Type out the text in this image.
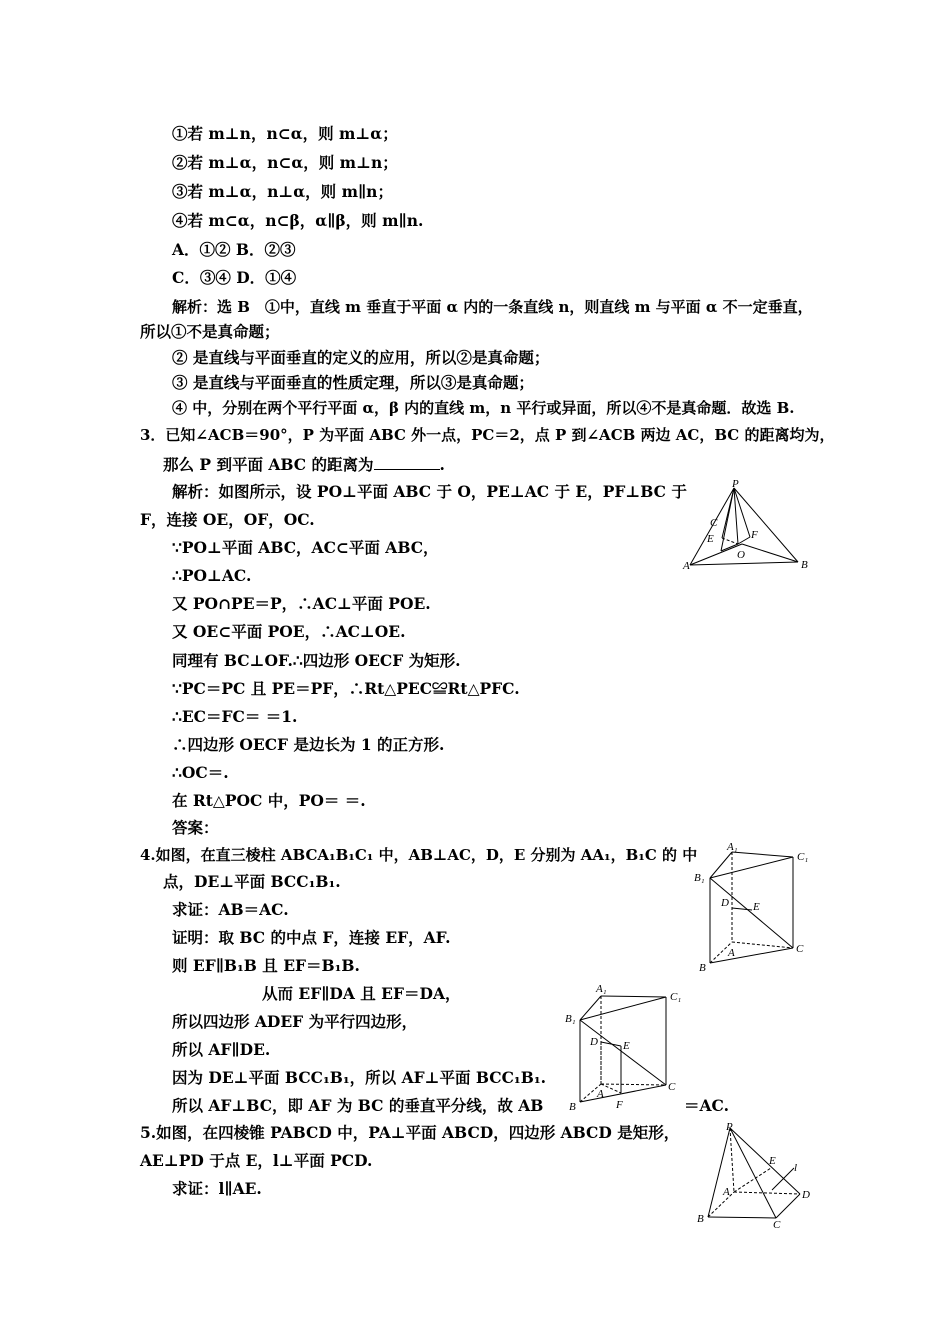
①若 m⊥n，n⊂α，则 m⊥α；
②若 m⊥α，n⊂α，则 m⊥n；
③若 m⊥α，n⊥α，则 m∥n；
④若 m⊂α，n⊂β，α∥β，则 m∥n.
A．①② B．②③
C．③④ D．①④
解析：选 B　①中，直线 m 垂直于平面 α 内的一条直线 n，则直线 m 与平面 α 不一定垂直，
所以①不是真命题；
② 是直线与平面垂直的定义的应用，所以②是真命题；
③ 是直线与平面垂直的性质定理，所以③是真命题；
④ 中，分别在两个平行平面 α，β 内的直线 m，n 平行或异面，所以④不是真命题．故选 B.
3．已知∠ACB＝90°，P 为平面 ABC 外一点，PC＝2，点 P 到∠ACB 两边 AC，BC 的距离均为，
那么 P 到平面 ABC 的距离为	.
解析：如图所示，设 PO⊥平面 ABC 于 O，PE⊥AC 于 E，PF⊥BC 于
F，连接 OE，OF，OC.
∵PO⊥平面 ABC，AC⊂平面 ABC，
∴PO⊥AC.
又 PO∩PE＝P，∴AC⊥平面 POE.
又 OE⊂平面 POE，∴AC⊥OE.
同理有 BC⊥OF.∴四边形 OECF 为矩形.
∵PC＝PC 且 PE＝PF，∴Rt△PEC≌Rt△PFC.
∴EC＝FC＝ ＝1.
∴四边形 OECF 是边长为 1 的正方形.
∴OC＝.
在 Rt△POC 中，PO＝ ＝.
答案：
P
C
E	F
O
A	B
4.如图，在直三棱柱 ABCA₁B₁C₁ 中，AB⊥AC，D，E 分别为 AA₁，B₁C 的 中
点，DE⊥平面 BCC₁B₁.
求证：AB＝AC.
证明：取 BC 的中点 F，连接 EF，AF.
则 EF∥B₁B 且 EF＝B₁B.
从而 EF∥DA 且 EF＝DA，
所以四边形 ADEF 为平行四边形，
所以 AF∥DE.
因为 DE⊥平面 BCC₁B₁，所以 AF⊥平面 BCC₁B₁.
所以 AF⊥BC，即 AF 为 BC 的垂直平分线，故 AB	＝AC.
A₁
C₁
B₁
D E
A
B
C
A₁
C₁
B₁
D E
A
B	F
C
5.如图，在四棱锥 PABCD 中，PA⊥平面 ABCD，四边形 ABCD 是矩形，
AE⊥PD 于点 E，l⊥平面 PCD.
求证：l∥AE.
P
E
l
A	D
B	C
